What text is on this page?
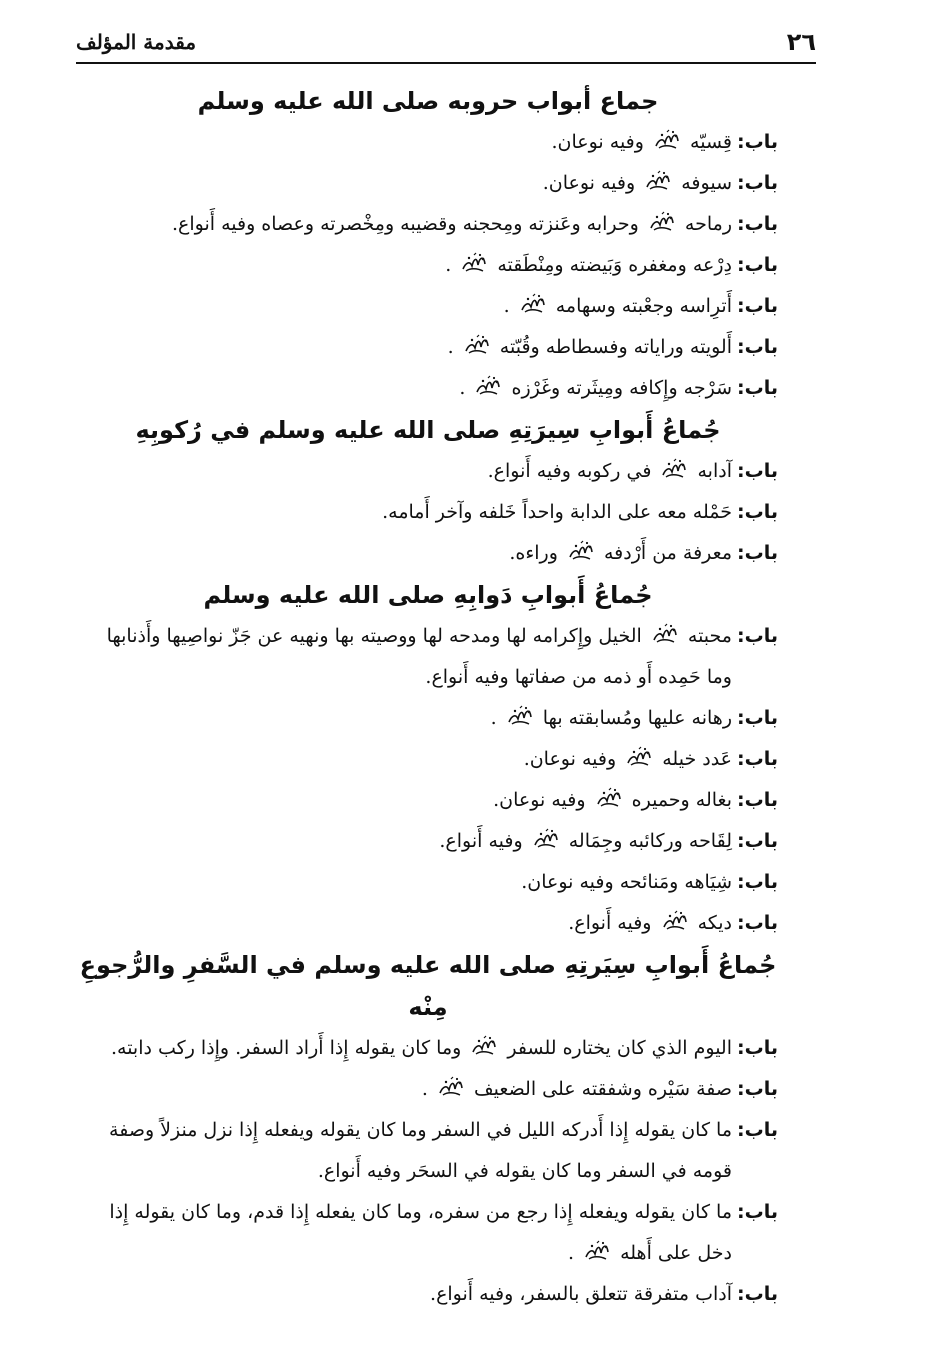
٢٦
مقدمة المؤلف

جماع أبواب حروبه صلى الله عليه وسلم

باب:
قِسيّه  وفيه نوعان.

باب:
سيوفه  وفيه نوعان.

باب:
رماحه  وحرابه وعَنزته ومِحجنه وقضيبه ومِخْصرته وعصاه وفيه أَنواع.

باب:
دِرْعه ومغفره وَبَيضته ومِنْطَقته  .

باب:
أَترِاسه وجعْبته وسهامه  .

باب:
أَلويته وراياته وفسطاطه وقُبّته  .

باب:
سَرْجه وإِكافه ومِيثَرته وغَرْزه  .

جُماعُ أَبوابِ سِيرَتِهِ صلى الله عليه وسلم في رُكوبِهِ

باب:
آدابه  في ركوبه وفيه أَنواع.

باب:
حَمْله معه على الدابة واحداً خَلفه وآخر أَمامه.

باب:
معرفة من أَرْدفه  وراءه.

جُماعُ أَبوابِ دَوابِهِ صلى الله عليه وسلم

باب:
محبته  الخيل وإِكرامه لها ومدحه لها ووصيته بها ونهيه عن جَزّ نواصِيها وأَذنابها وما حَمِده أَو ذمه من صفاتها وفيه أَنواع.

باب:
رهانه عليها ومُسابقته بها  .

باب:
عَدد خيله  وفيه نوعان.

باب:
بغاله وحميره  وفيه نوعان.

باب:
لِقَاحه وركائبه وجِمَاله  وفيه أَنواع.

باب:
شِيَاهه ومَنائحه وفيه نوعان.

باب:
ديكه  وفيه أَنواع.

جُماعُ أَبوابِ سِيَرتِهِ صلى الله عليه وسلم في السَّفرِ والرُّجوعِ مِنْه

باب:
اليوم الذي كان يختاره للسفر  وما كان يقوله إِذا أَراد السفر. وإِذا ركب دابته.

باب:
صفة سَيْره وشفقته على الضعيف  .

باب:
ما كان يقوله إِذا أَدركه الليل في السفر وما كان يقوله ويفعله إِذا نزل منزلاً وصفة قومه في السفر وما كان يقوله في السحَر وفيه أَنواع.

باب:
ما كان يقوله ويفعله إِذا رجع من سفره، وما كان يفعله إِذا قدم، وما كان يقوله إِذا دخل على أَهله  .

باب:
آداب متفرقة تتعلق بالسفر، وفيه أَنواع.
